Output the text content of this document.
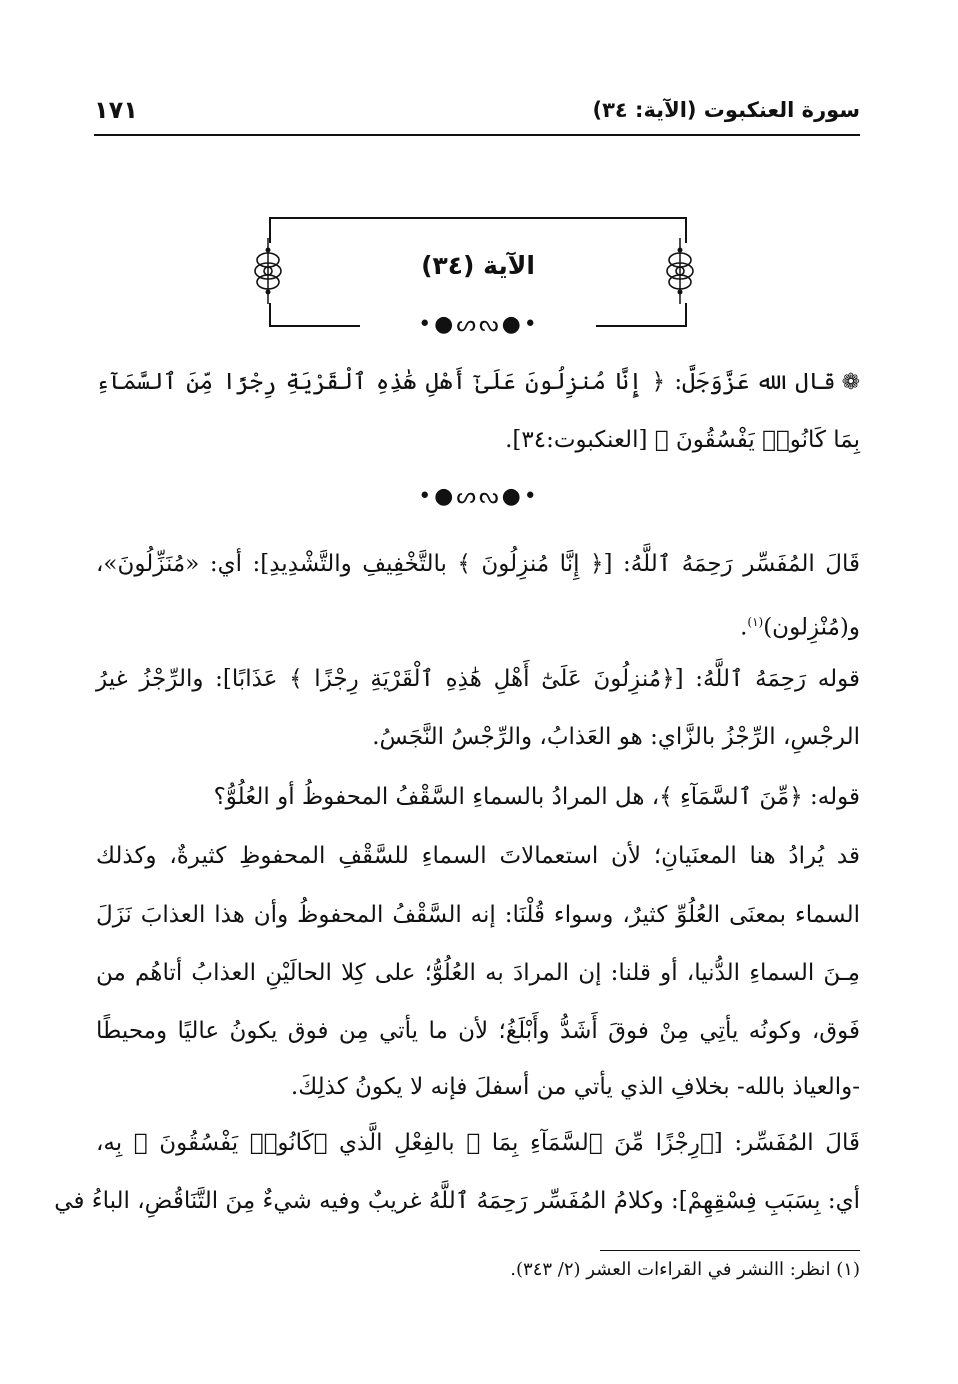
سورة العنكبوت (الآية: ٣٤)
١٧١
الآية (٣٤)
•●ᔕᔓ●•
❁قال الله عَزَّوَجَلَّ: ﴿ إِنَّا مُنزِلُونَ عَلَىٰٓ أَهْلِ هَٰذِهِ ٱلْقَرْيَةِ رِجْزًا مِّنَ ٱلسَّمَآءِ
بِمَا كَانُوا۟ يَفْسُقُونَ ﴾ [العنكبوت:٣٤].
•●ᔕᔓ●•
قَالَ المُفَسِّر رَحِمَهُ ٱللَّهُ: [﴿ إِنَّا مُنزِلُونَ ﴾ بالتَّخْفِيفِ والتَّشْدِيدِ]: أي: «مُنَزِّلُونَ»،
و(مُنْزِلون)$^{(١)}$.
قوله رَحِمَهُ ٱللَّهُ: [﴿مُنزِلُونَ عَلَىٰٓ أَهْلِ هَٰذِهِ ٱلْقَرْيَةِ رِجْزًا ﴾ عَذَابًا]: والرِّجْزُ غيرُ
الرجْسِ، الرِّجْزُ بالزَّاي: هو العَذابُ، والرِّجْسُ النَّجَسُ.
قوله: ﴿مِّنَ ٱلسَّمَآءِ ﴾، هل المرادُ بالسماءِ السَّقْفُ المحفوظُ أو العُلُوُّ؟
قد يُرادُ هنا المعنَيانِ؛ لأن استعمالاتَ السماءِ للسَّقْفِ المحفوظِ كثيرةٌ، وكذلك
السماء بمعنَى العُلُوِّ كثيرٌ، وسواء قُلْنَا: إنه السَّقْفُ المحفوظُ وأن هذا العذابَ نَزَلَ
مِـنَ السماءِ الدُّنيا، أو قلنا: إن المرادَ به العُلُوُّ؛ على كِلا الحالَيْنِ العذابُ أتاهُم من
فَوق، وكونُه يأتِي مِنْ فوقَ أَشَدُّ وأَبْلَغُ؛ لأن ما يأتي مِن فوق يكونُ عاليًا ومحيطًا
-والعياذ بالله- بخلافِ الذي يأتي من أسفلَ فإنه لا يكونُ كذلِكَ.
قَالَ المُفَسِّر: [﴿رِجْزًا مِّنَ ٱلسَّمَآءِ بِمَا ﴾ بالفِعْلِ الَّذي ﴿كَانُوا۟ يَفْسُقُونَ ﴾ بِه،
أي: بِسَبَبِ فِسْقِهِمْ]: وكلامُ المُفَسِّر رَحِمَهُ ٱللَّهُ غريبٌ وفيه شيءٌ مِنَ التَّنَاقُضِ، الباءُ في
(١) انظر: االنشر في القراءات العشر (٢/ ٣٤٣).
